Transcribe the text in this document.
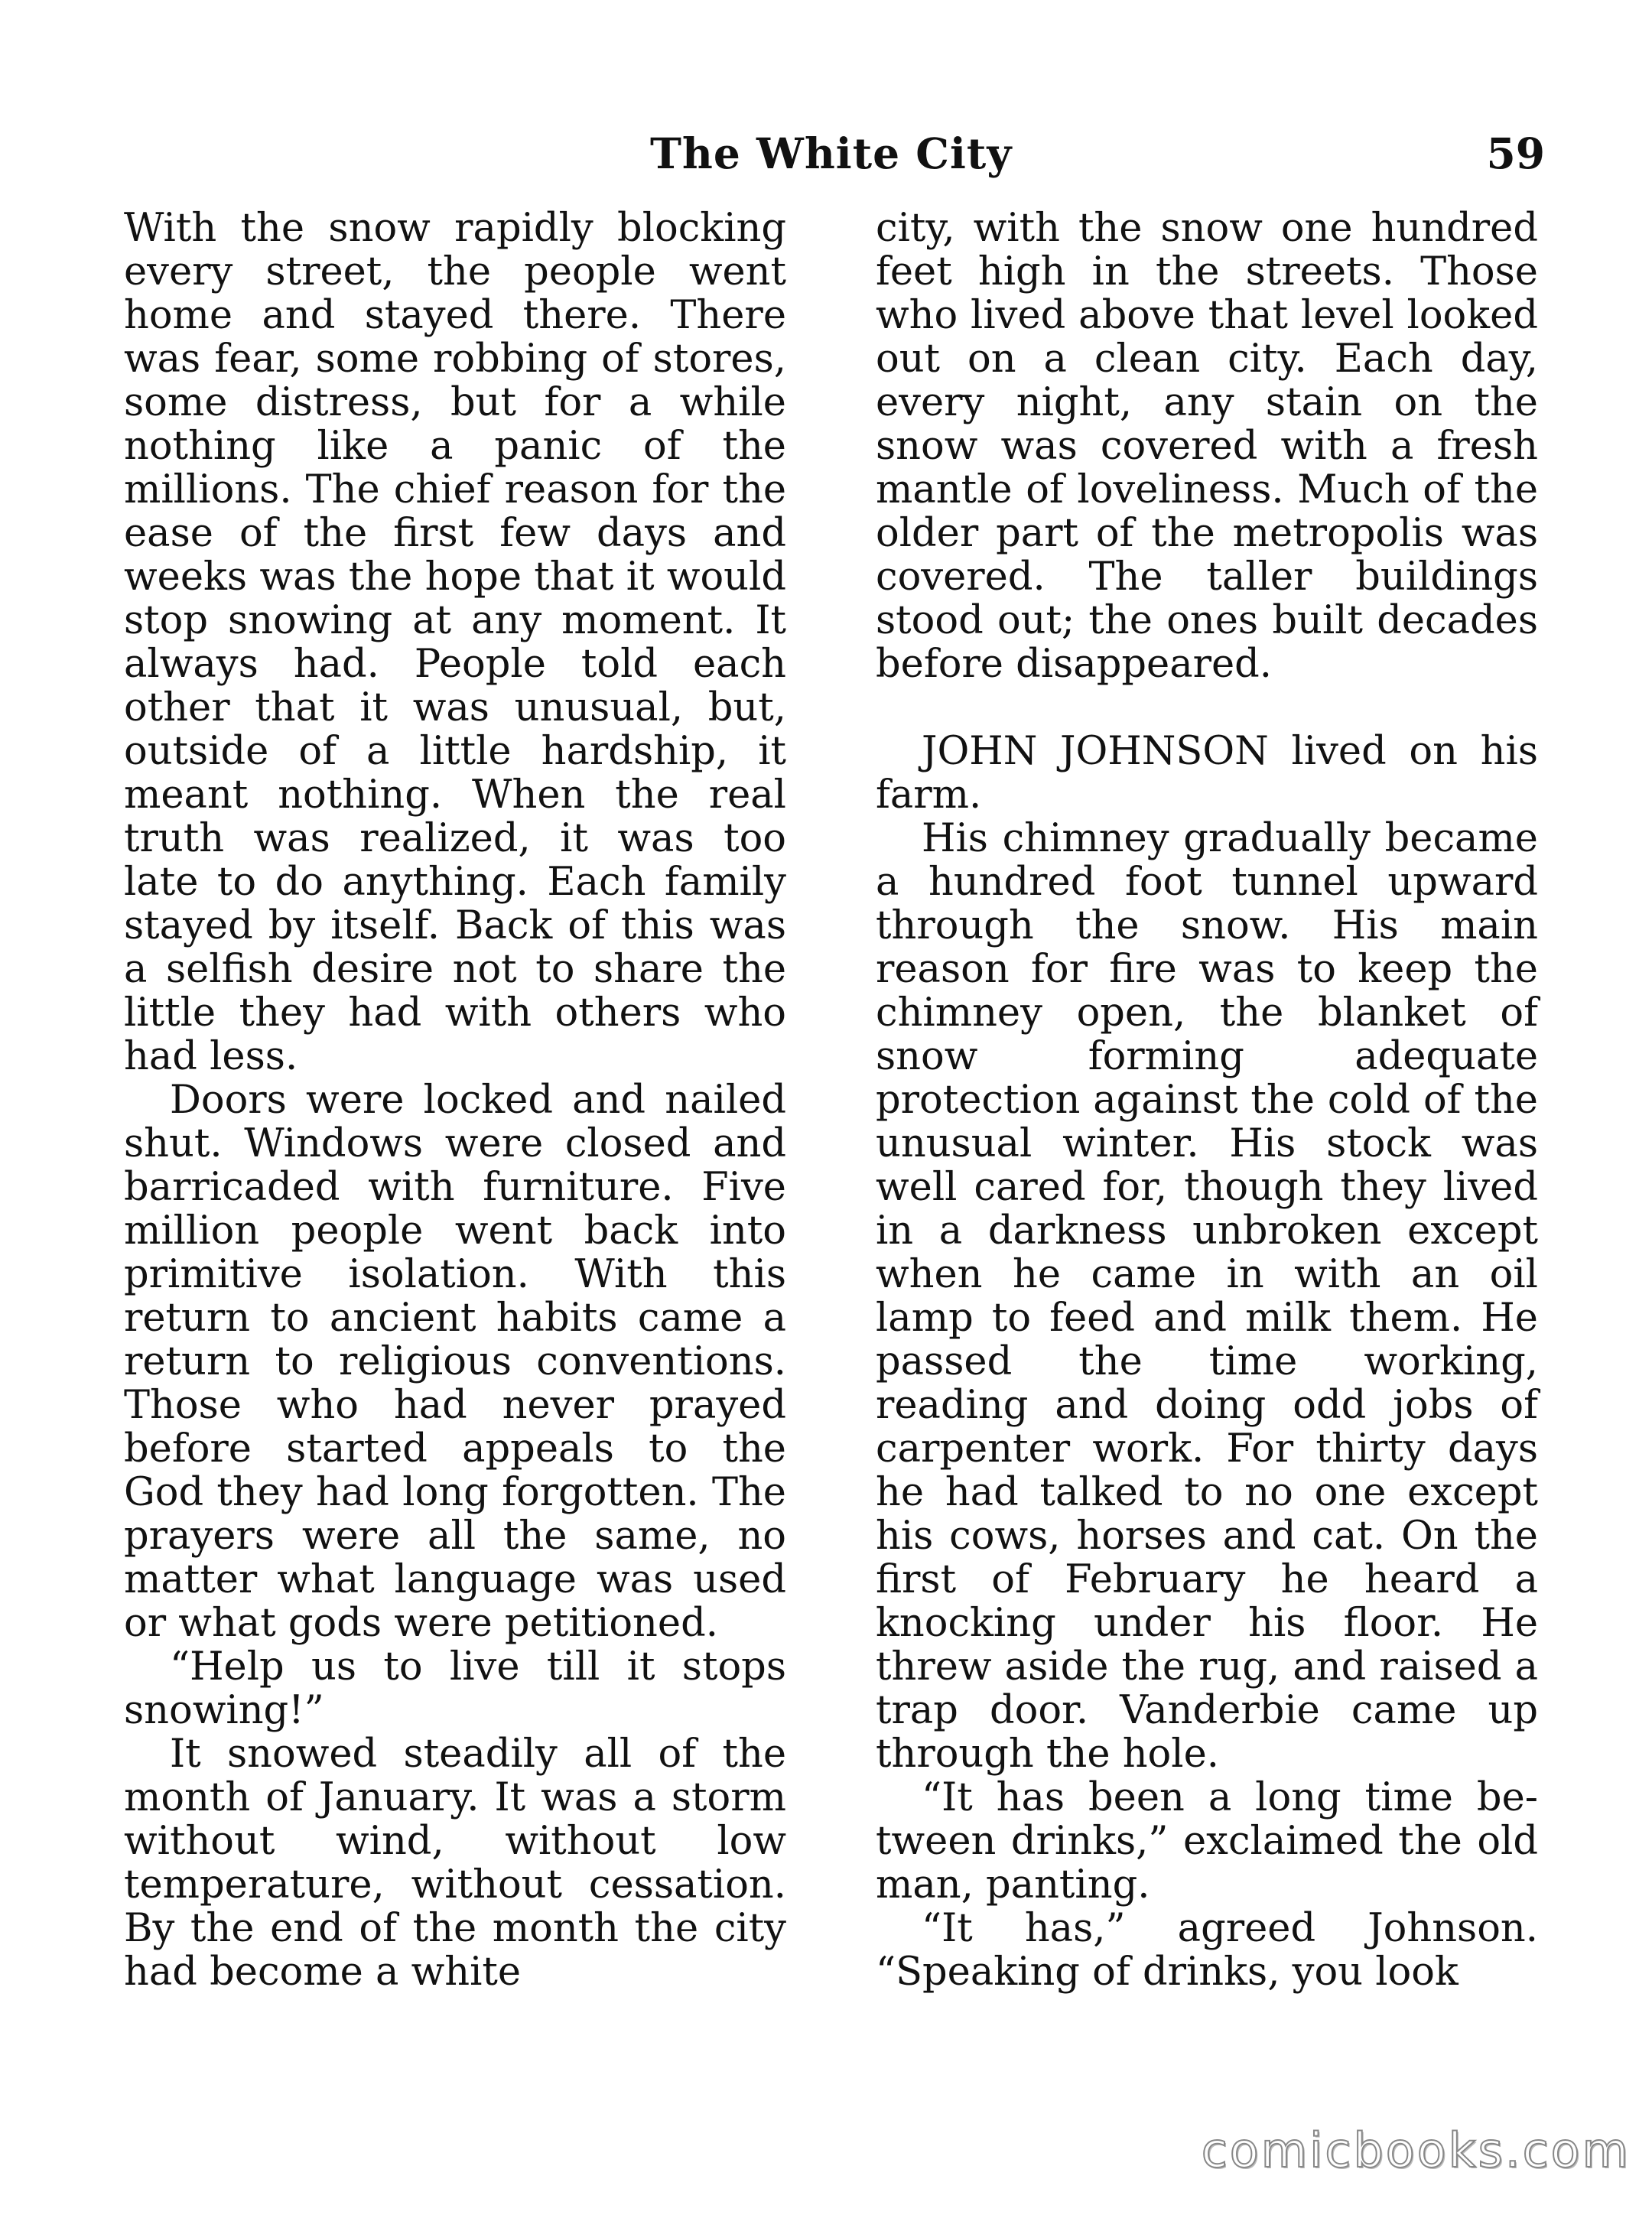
The White City	59

With the snow rapidly blocking every street, the people went home and stayed there. There was fear, some robbing of stores, some distress, but for a while nothing like a panic of the millions. The chief reason for the ease of the first few days and weeks was the hope that it would stop snowing at any moment. It always had. People told each other that it was unusual, but, outside of a little hardship, it meant nothing. When the real truth was realized, it was too late to do anything. Each family stayed by itself. Back of this was a selfish desire not to share the little they had with others who had less.

Doors were locked and nailed shut. Windows were closed and barricaded with furniture. Five million people went back into primitive isolation. With this return to ancient habits came a return to religious conventions. Those who had never prayed before started appeals to the God they had long forgotten. The prayers were all the same, no matter what language was used or what gods were petitioned.

“Help us to live till it stops snowing!”

It snowed steadily all of the month of January. It was a storm without wind, without low temperature, without cessation. By the end of the month the city had become a white

city, with the snow one hundred feet high in the streets. Those who lived above that level looked out on a clean city. Each day, every night, any stain on the snow was covered with a fresh mantle of loveliness. Much of the older part of the metropolis was covered. The taller buildings stood out; the ones built decades before disappeared.

JOHN JOHNSON lived on his farm.

His chimney gradually became a hundred foot tunnel upward through the snow. His main reason for fire was to keep the chimney open, the blanket of snow forming adequate protection against the cold of the unusual winter. His stock was well cared for, though they lived in a darkness unbroken except when he came in with an oil lamp to feed and milk them. He passed the time working, reading and doing odd jobs of carpenter work. For thirty days he had talked to no one except his cows, horses and cat. On the first of February he heard a knocking under his floor. He threw aside the rug, and raised a trap door. Vanderbie came up through the hole.

“It has been a long time between drinks,” exclaimed the old man, panting.

“It has,” agreed Johnson. “Speaking of drinks, you look

comicbooks.com
